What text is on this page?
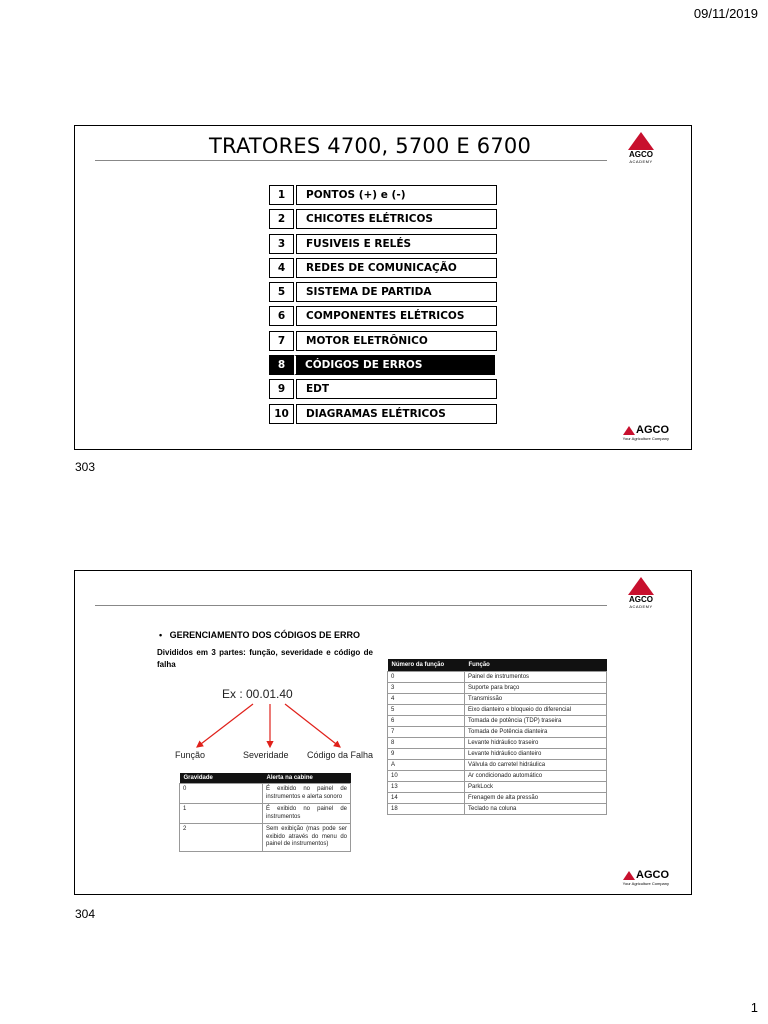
09/11/2019
TRATORES 4700, 5700 E 6700	AGCO
ACADEMY
1	PONTOS (+) e (-)
2	CHICOTES ELÉTRICOS
3	FUSIVEIS E RELÉS
4	REDES DE COMUNICAÇÃO
5	SISTEMA DE PARTIDA
6	COMPONENTES ELÉTRICOS
7	MOTOR ELETRÔNICO
8	CÓDIGOS DE ERROS
9	EDT
10	DIAGRAMAS ELÉTRICOS
AGCO
Your Agriculture Company
303
AGCO
ACADEMY
•   GERENCIAMENTO DOS CÓDIGOS DE ERRO
Divididos em 3 partes: função, severidade e código de falha
Ex : 00.01.40
Função	Severidade Código da Falha
Gravidade	Alerta na cabine
0	É exibido no painel de instrumentos e alerta sonoro
1	É exibido no painel de instrumentos
2	Sem exibição (mas pode ser exibido através do menu do painel de instrumentos)
Número da função	Função
0	Painel de instrumentos
3	Suporte para braço
4	Transmissão
5	Eixo dianteiro e bloqueio do diferencial
6	Tomada de potência (TDP) traseira
7	Tomada de Potência dianteira
8	Levante hidráulico traseiro
9	Levante hidráulico dianteiro
A	Válvula do carretel hidráulica
10	Ar condicionado automático
13	ParkLock
14	Frenagem de alta pressão
18	Teclado na coluna
AGCO
Your Agriculture Company
304
1
